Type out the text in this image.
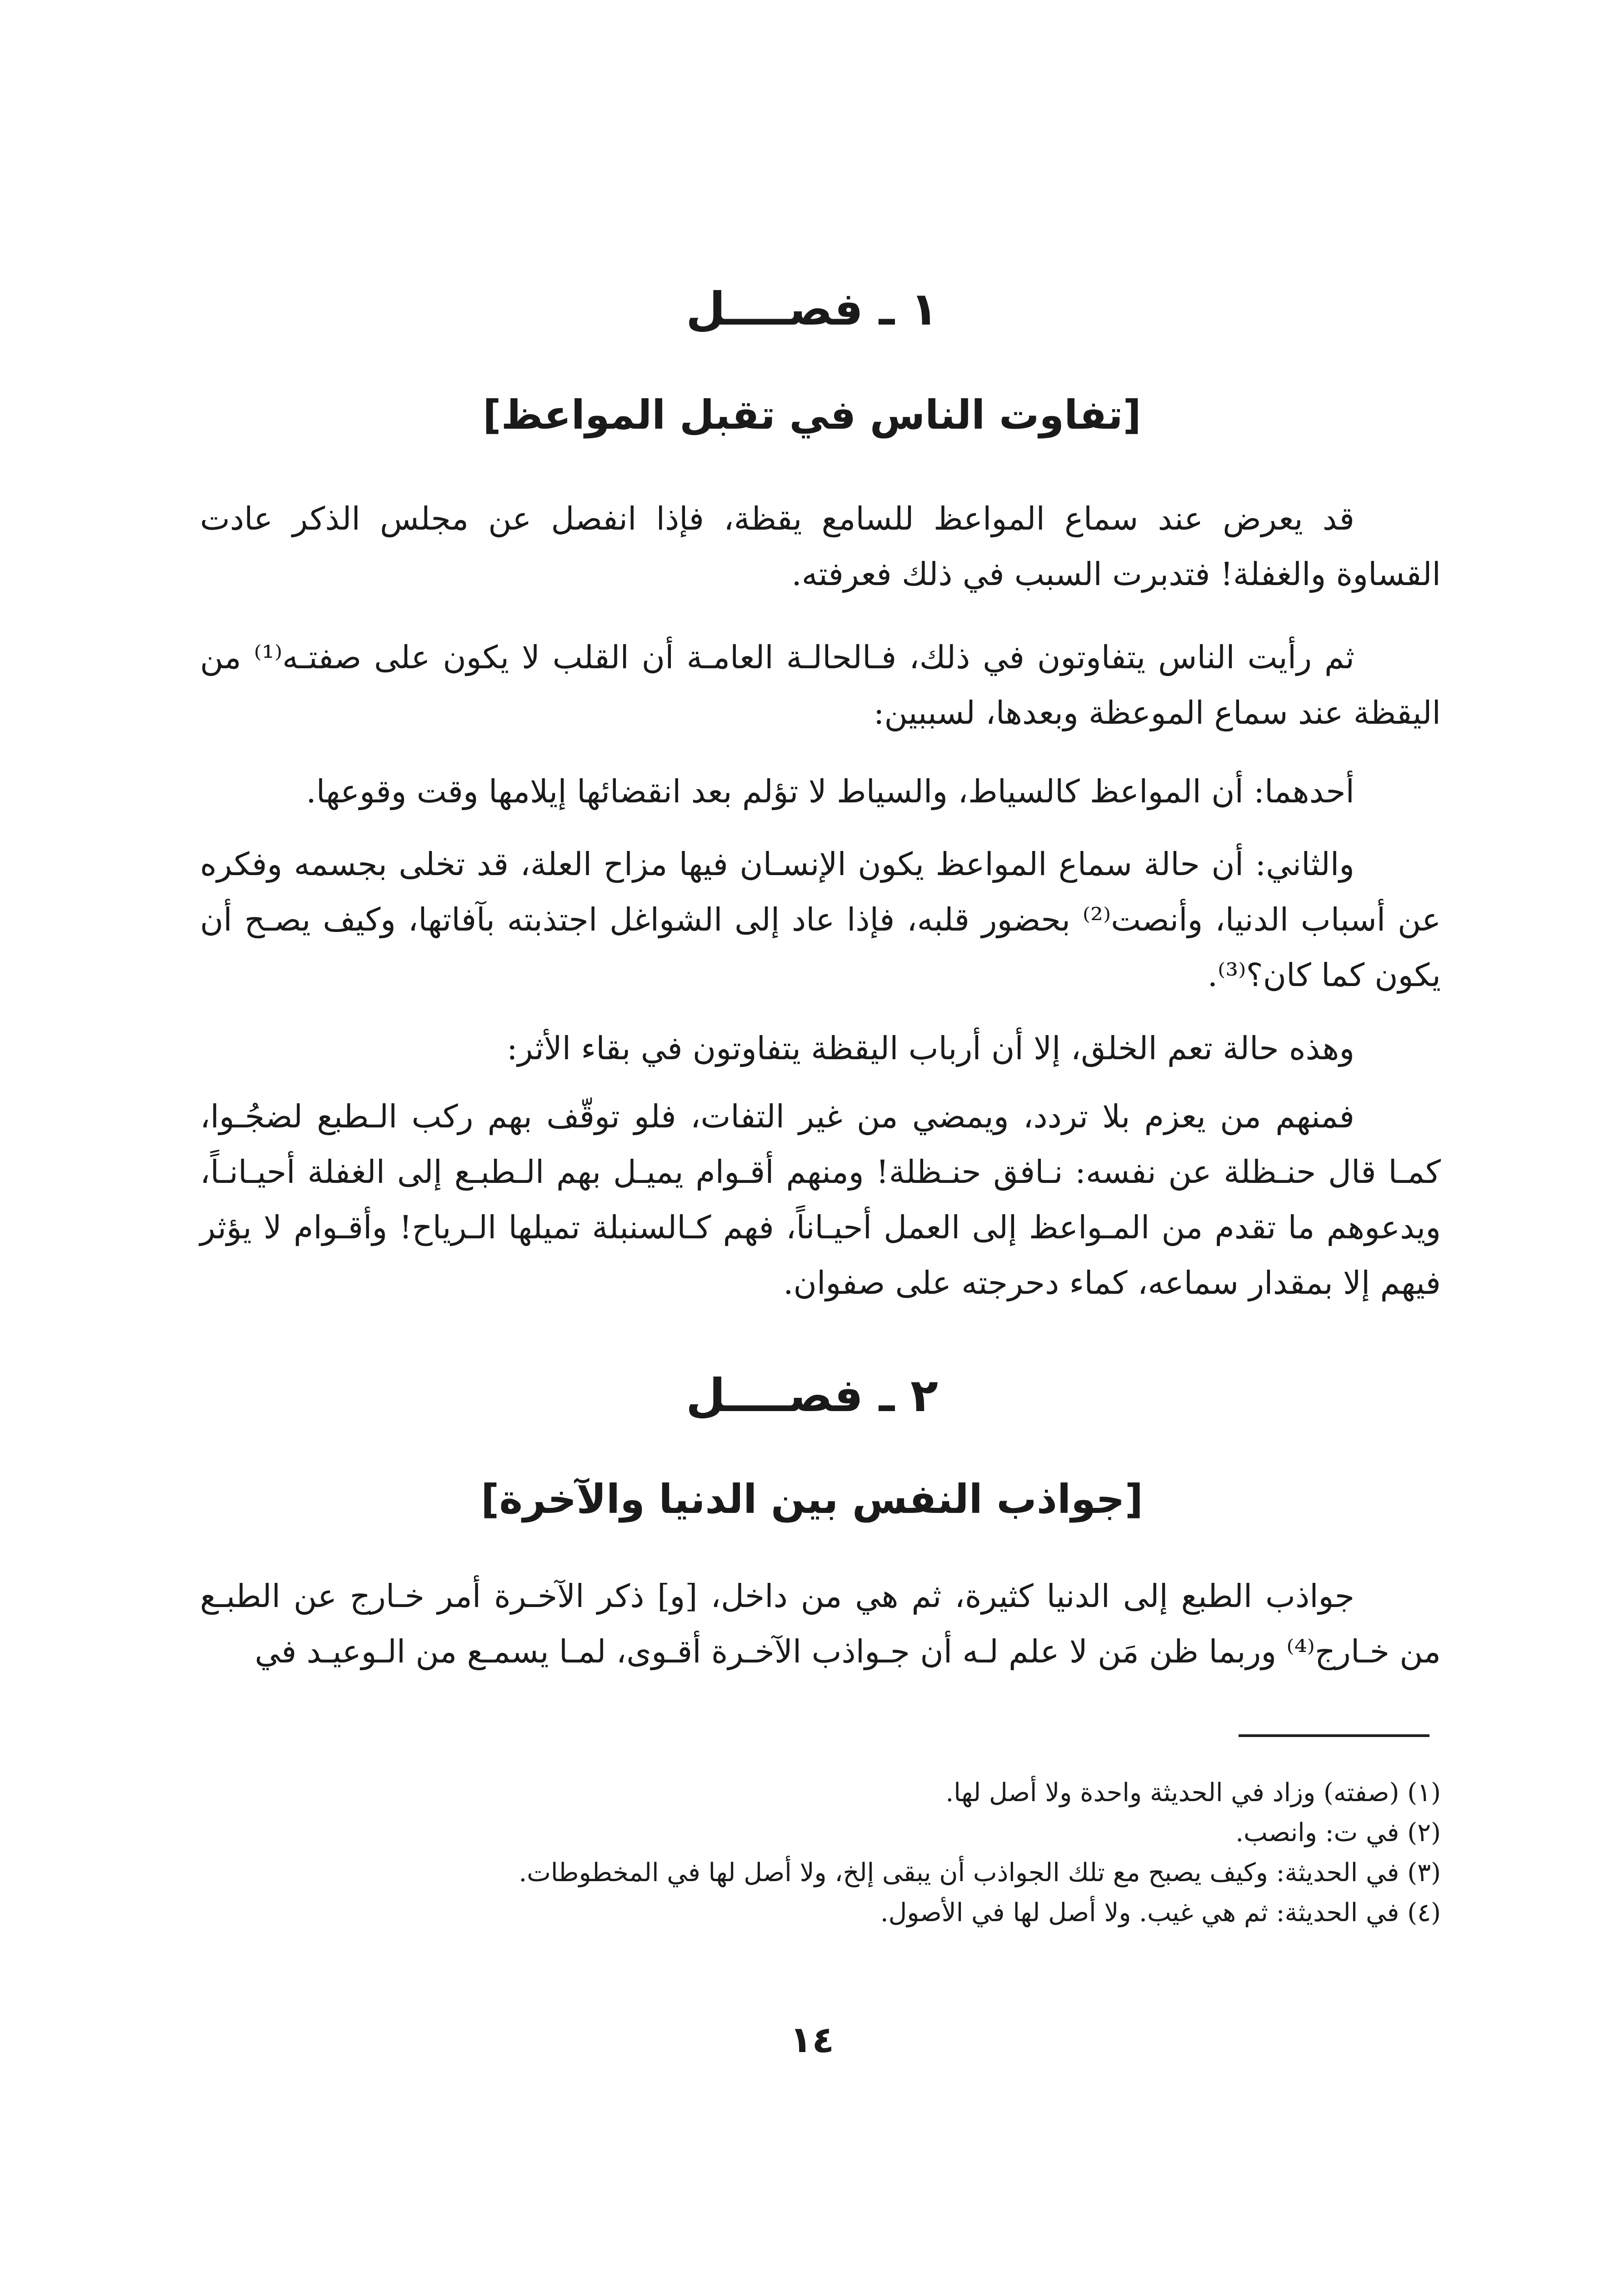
١ ـ فصــــل
[تفاوت الناس في تقبل المواعظ]

قد يعرض عند سماع المواعظ للسامع يقظة، فإذا انفصل عن مجلس الذكر عادت القساوة والغفلة! فتدبرت السبب في ذلك فعرفته.

ثم رأيت الناس يتفاوتون في ذلك، فـالحالـة العامـة أن القلب لا يكون على صفتـه⁽¹⁾ من اليقظة عند سماع الموعظة وبعدها، لسببين:

أحدهما: أن المواعظ كالسياط، والسياط لا تؤلم بعد انقضائها إيلامها وقت وقوعها.

والثاني: أن حالة سماع المواعظ يكون الإنسـان فيها مزاح العلة، قد تخلى بجسمه وفكره عن أسباب الدنيا، وأنصت⁽²⁾ بحضور قلبه، فإذا عاد إلى الشواغل اجتذبته بآفاتها، وكيف يصـح أن يكون كما كان؟⁽³⁾.

وهذه حالة تعم الخلق، إلا أن أرباب اليقظة يتفاوتون في بقاء الأثر:

فمنهم من يعزم بلا تردد، ويمضي من غير التفات، فلو توقّف بهم ركب الـطبع لضجُـوا، كمـا قال حنـظلة عن نفسه: نـافق حنـظلة! ومنهم أقـوام يميـل بهم الـطبـع إلى الغفلة أحيـانـاً، ويدعوهم ما تقدم من المـواعظ إلى العمل أحيـاناً، فهم كـالسنبلة تميلها الـرياح! وأقـوام لا يؤثر فيهم إلا بمقدار سماعه، كماء دحرجته على صفوان.

٢ ـ فصــــل
[جواذب النفس بين الدنيا والآخرة]

جواذب الطبع إلى الدنيا كثيرة، ثم هي من داخل، [و] ذكر الآخـرة أمر خـارج عن الطبـع من خـارج⁽⁴⁾ وربما ظن مَن لا علم لـه أن جـواذب الآخـرة أقـوى، لمـا يسمـع من الـوعيـد في

(١) (صفته) وزاد في الحديثة واحدة ولا أصل لها.
(٢) في ت: وانصب.
(٣) في الحديثة: وكيف يصبح مع تلك الجواذب أن يبقى إلخ، ولا أصل لها في المخطوطات.
(٤) في الحديثة: ثم هي غيب. ولا أصل لها في الأصول.
١٤
